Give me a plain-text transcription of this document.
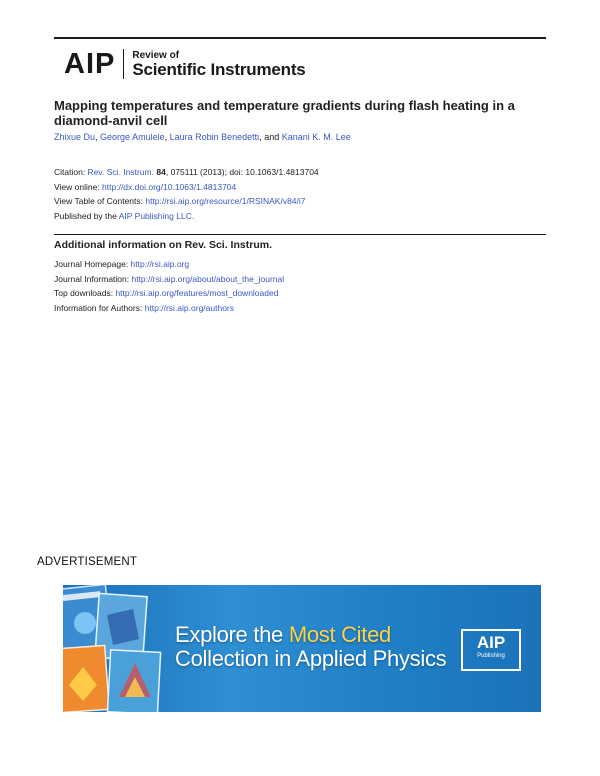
AIP Review of
Scientific Instruments
Mapping temperatures and temperature gradients during flash heating in a diamond-anvil cell
Zhixue Du, George Amulele, Laura Robin Benedetti, and Kanani K. M. Lee
Citation: Rev. Sci. Instrum. 84, 075111 (2013); doi: 10.1063/1.4813704
View online: http://dx.doi.org/10.1063/1.4813704
View Table of Contents: http://rsi.aip.org/resource/1/RSINAK/v84/i7
Published by the AIP Publishing LLC.
Additional information on Rev. Sci. Instrum.
Journal Homepage: http://rsi.aip.org
Journal Information: http://rsi.aip.org/about/about_the_journal
Top downloads: http://rsi.aip.org/features/most_downloaded
Information for Authors: http://rsi.aip.org/authors
ADVERTISEMENT
Explore the Most Cited
Collection in Applied Physics
AIP
Publishing
